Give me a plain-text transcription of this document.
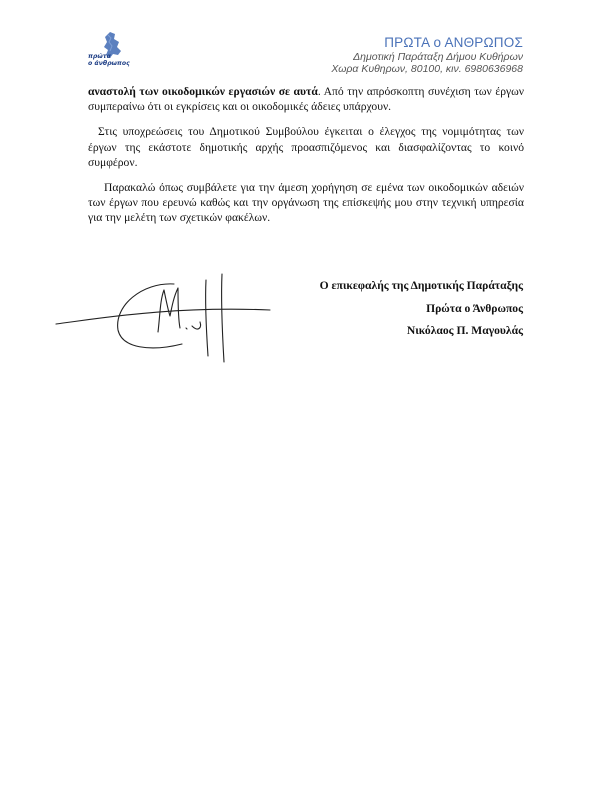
πρώτα
ο άνθρωπος
ΠΡΩΤΑ ο ΑΝΘΡΩΠΟΣ
Δημοτική Παράταξη Δήμου Κυθήρων
Χωρα Κυθηρων, 80100, κιν. 6980636968

αναστολή των οικοδομικών εργασιών σε αυτά. Από την απρόσκοπτη συνέχιση των έργων συμπεραίνω ότι οι εγκρίσεις και οι οικοδομικές άδειες υπάρχουν.

Στις υποχρεώσεις του Δημοτικού Συμβούλου έγκειται ο έλεγχος της νομιμότητας των έργων της εκάστοτε δημοτικής αρχής προασπιζόμενος και διασφαλίζοντας το κοινό συμφέρον.

Παρακαλώ όπως συμβάλετε για την άμεση χορήγηση σε εμένα των οικοδομικών αδειών των έργων που ερευνώ καθώς και την οργάνωση της επίσκεψής μου στην τεχνική υπηρεσία για την μελέτη των σχετικών φακέλων.

Ο επικεφαλής της Δημοτικής Παράταξης
Πρώτα ο Άνθρωπος
Νικόλαος Π. Μαγουλάς
